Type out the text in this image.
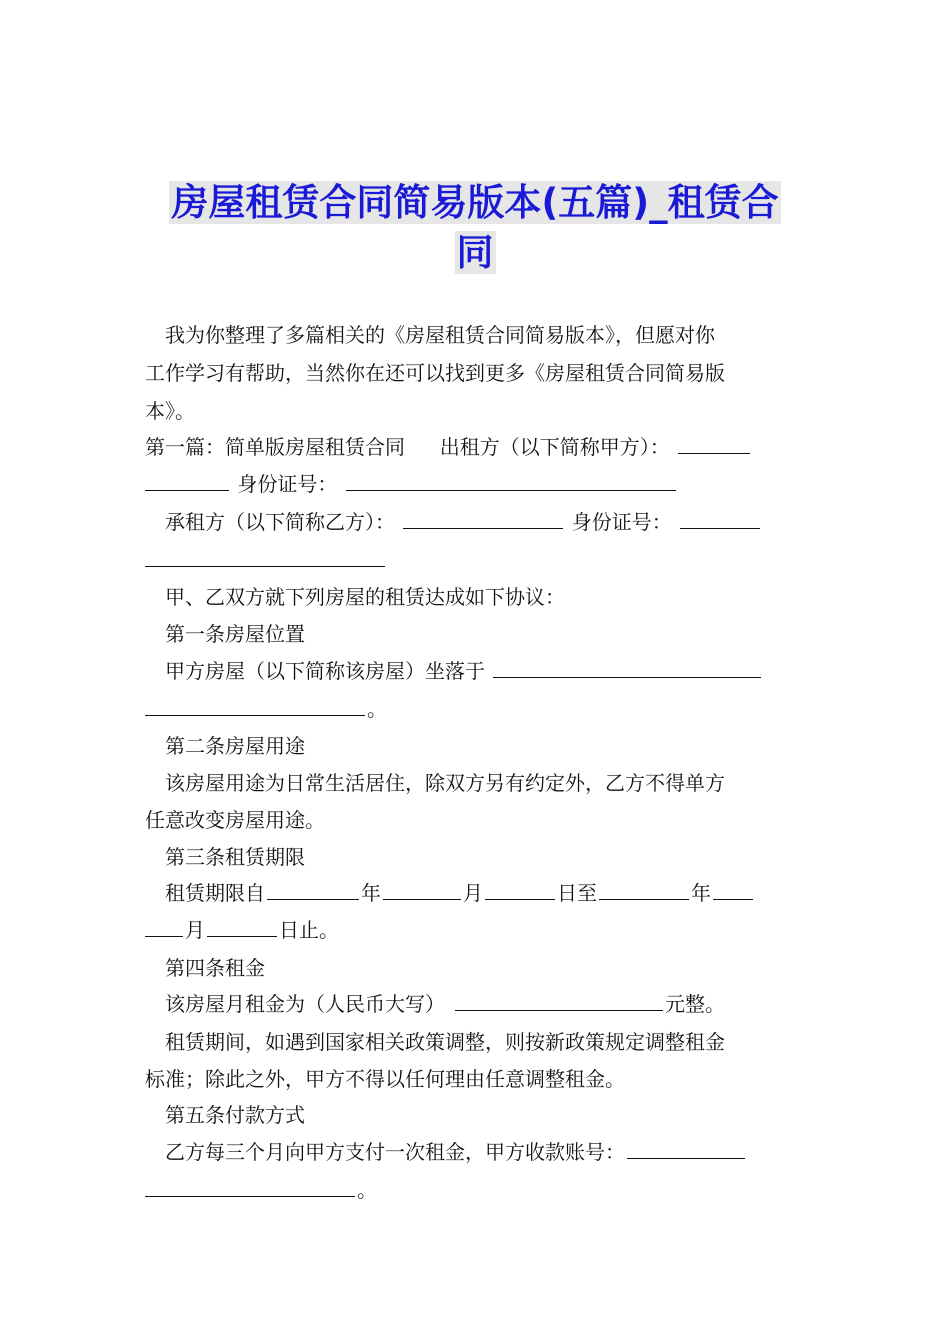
房屋租赁合同简易版本(五篇)_租赁合
同
我为你整理了多篇相关的《房屋租赁合同简易版本》，但愿对你
工作学习有帮助，当然你在还可以找到更多《房屋租赁合同简易版
本》。
第一篇：简单版房屋租赁合同 出租方（以下简称甲方）：
身份证号：
承租方（以下简称乙方）：	身份证号：
甲、乙双方就下列房屋的租赁达成如下协议：
第一条房屋位置
甲方房屋（以下简称该房屋）坐落于
。
第二条房屋用途
该房屋用途为日常生活居住，除双方另有约定外，乙方不得单方
任意改变房屋用途。
第三条租赁期限
租赁期限自	年	月	日至	年
月	日止。
第四条租金
该房屋月租金为（人民币大写）	元整。
租赁期间，如遇到国家相关政策调整，则按新政策规定调整租金
标准；除此之外，甲方不得以任何理由任意调整租金。
第五条付款方式
乙方每三个月向甲方支付一次租金，甲方收款账号：
。
